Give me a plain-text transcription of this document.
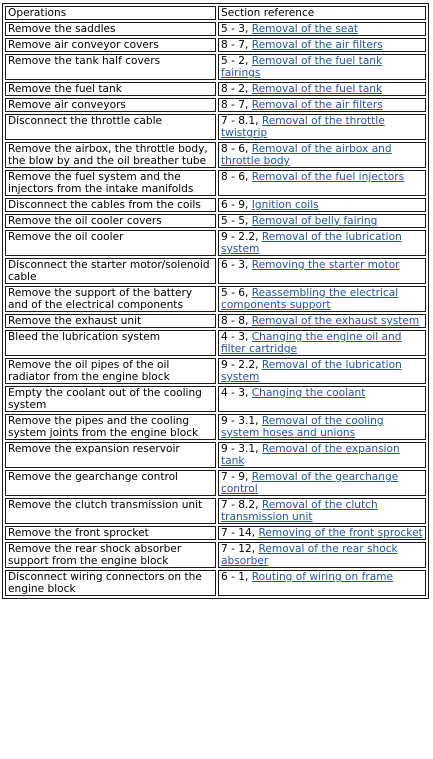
Operations	Section reference
Remove the saddles	5 - 3, Removal of the seat
Remove air conveyor covers	8 - 7, Removal of the air filters
Remove the tank half covers	5 - 2, Removal of the fuel tank fairings
Remove the fuel tank	8 - 2, Removal of the fuel tank
Remove air conveyors	8 - 7, Removal of the air filters
Disconnect the throttle cable	7 - 8.1, Removal of the throttle twistgrip
Remove the airbox, the throttle body, the blow by and the oil breather tube	8 - 6, Removal of the airbox and throttle body
Remove the fuel system and the injectors from the intake manifolds	8 - 6, Removal of the fuel injectors
Disconnect the cables from the coils	6 - 9, Ignition coils
Remove the oil cooler covers	5 - 5, Removal of belly fairing
Remove the oil cooler	9 - 2.2, Removal of the lubrication system
Disconnect the starter motor/solenoid cable	6 - 3, Removing the starter motor
Remove the support of the battery and of the electrical components	5 - 6, Reassembling the electrical components support
Remove the exhaust unit	8 - 8, Removal of the exhaust system
Bleed the lubrication system	4 - 3, Changing the engine oil and filter cartridge
Remove the oil pipes of the oil radiator from the engine block	9 - 2.2, Removal of the lubrication system
Empty the coolant out of the cooling system	4 - 3, Changing the coolant
Remove the pipes and the cooling system joints from the engine block	9 - 3.1, Removal of the cooling system hoses and unions
Remove the expansion reservoir	9 - 3.1, Removal of the expansion tank
Remove the gearchange control	7 - 9, Removal of the gearchange control
Remove the clutch transmission unit	7 - 8.2, Removal of the clutch transmission unit
Remove the front sprocket	7 - 14, Removing of the front sprocket
Remove the rear shock absorber support from the engine block	7 - 12, Removal of the rear shock absorber
Disconnect wiring connectors on the engine block	6 - 1, Routing of wiring on frame
